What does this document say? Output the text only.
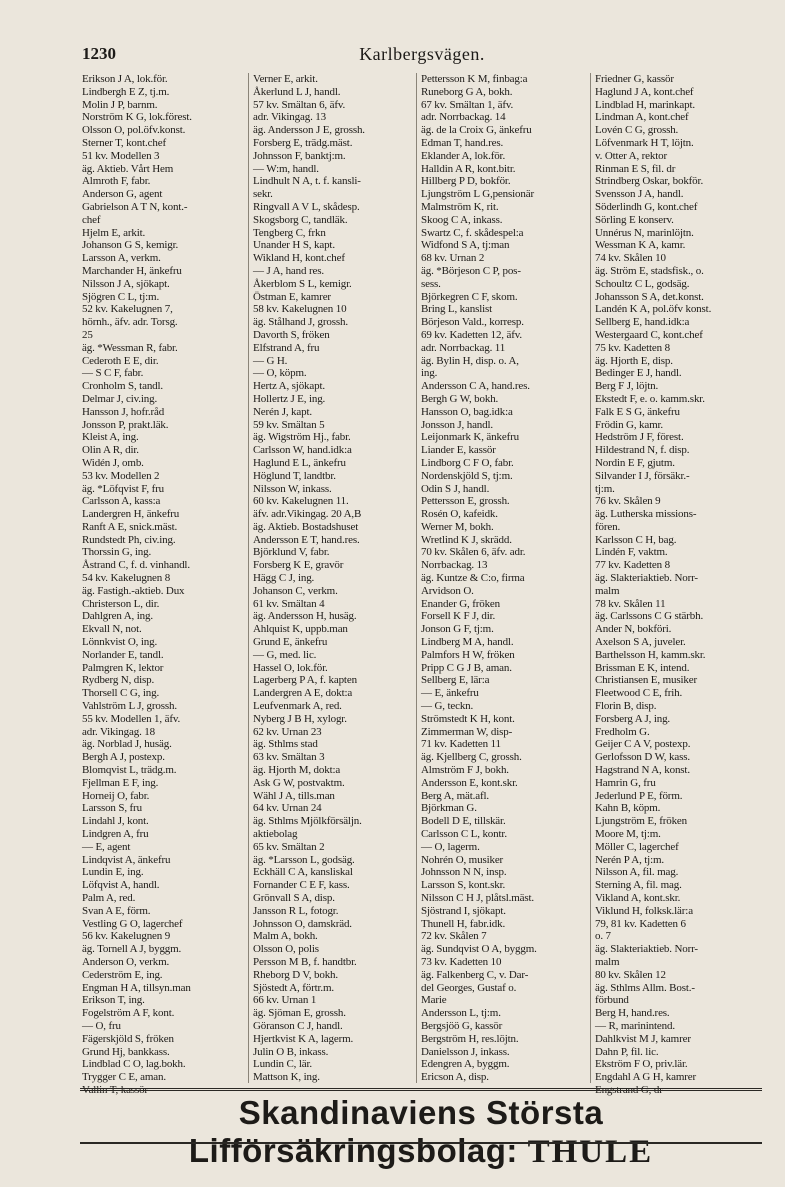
1230	Karlbergsvägen.
Erikson J A, lok.för.
Lindbergh E Z, tj.m.
Molin J P, barnm.
Norström K G, lok.förest.
Olsson O, pol.öfv.konst.
Sterner T, kont.chef
51 kv. Modellen 3
äg. Aktieb. Vårt Hem
Almroth F, fabr.
Anderson G, agent
Gabrielson A T N, kont.-
chef
Hjelm E, arkit.
Johanson G S, kemigr.
Larsson A, verkm.
Marchander H, änkefru
Nilsson J A, sjökapt.
Sjögren C L, tj:m.
52 kv. Kakelugnen 7,
hörnh., äfv. adr. Torsg.
25
äg. *Wessman R, fabr.
Cederoth E E, dir.
— S C F, fabr.
Cronholm S, tandl.
Delmar J, civ.ing.
Hansson J, hofr.råd
Jonsson P, prakt.läk.
Kleist A, ing.
Olin A R, dir.
Widén J, omb.
53 kv. Modellen 2
äg. *Löfqvist F, fru
Carlsson A, kass:a
Landergren H, änkefru
Ranft A E, snick.mäst.
Rundstedt Ph, civ.ing.
Thorssin G, ing.
Åstrand C, f. d. vinhandl.
54 kv. Kakelugnen 8
äg. Fastigh.-aktieb. Dux
Christerson L, dir.
Dahlgren A, ing.
Ekvall N, not.
Lönnkvist O, ing.
Norlander E, tandl.
Palmgren K, lektor
Rydberg N, disp.
Thorsell C G, ing.
Vahlström L J, grossh.
55 kv. Modellen 1, äfv.
adr. Vikingag. 18
äg. Norblad J, husäg.
Bergh A J, postexp.
Blomqvist L, trädg.m.
Fjellman E F, ing.
Horneij O, fabr.
Larsson S, fru
Lindahl J, kont.
Lindgren A, fru
— E, agent
Lindqvist A, änkefru
Lundin E, ing.
Löfqvist A, handl.
Palm A, red.
Svan A E, förm.
Vestling G O, lagerchef
56 kv. Kakelugnen 9
äg. Tornell A J, byggm.
Anderson O, verkm.
Cederström E, ing.
Engman H A, tillsyn.man
Erikson T, ing.
Fogelström A F, kont.
— O, fru
Fägerskjöld S, fröken
Grund Hj, bankkass.
Lindblad C O, lag.bokh.
Trygger C E, aman.
Vallin T, kassör
Verner E, arkit.
Åkerlund L J, handl.
57 kv. Smältan 6, äfv.
adr. Vikingag. 13
äg. Andersson J E, grossh.
Forsberg E, trädg.mäst.
Johnsson F, banktj:m.
— W:m, handl.
Lindhult N A, t. f. kansli-
sekr.
Ringvall A V L, skådesp.
Skogsborg C, tandläk.
Tengberg C, frkn
Unander H S, kapt.
Wikland H, kont.chef
— J A, hand res.
Åkerblom S L, kemigr.
Östman E, kamrer
58 kv. Kakelugnen 10
äg. Stålhand J, grossh.
Davorth S, fröken
Elfstrand A, fru
— G H.
— O, köpm.
Hertz A, sjökapt.
Hollertz J E, ing.
Nerén J, kapt.
59 kv. Smältan 5
äg. Wigström Hj., fabr.
Carlsson W, hand.idk:a
Haglund E L, änkefru
Höglund T, landtbr.
Nilsson W, inkass.
60 kv. Kakelugnen 11.
äfv. adr.Vikingag. 20 A,B
äg. Aktieb. Bostadshuset
Andersson E T, hand.res.
Björklund V, fabr.
Forsberg K E, gravör
Hägg C J, ing.
Johanson C, verkm.
61 kv. Smältan 4
äg. Andersson H, husäg.
Ahlquist K, uppb.man
Grund E, änkefru
— G, med. lic.
Hassel O, lok.för.
Lagerberg P A, f. kapten
Landergren A E, dokt:a
Leufvenmark A, red.
Nyberg J B H, xylogr.
62 kv. Urnan 23
äg. Sthlms stad
63 kv. Smältan 3
äg. Hjorth M, dokt:a
Ask G W, postvaktm.
Wähl J A, tills.man
64 kv. Urnan 24
äg. Sthlms Mjölkförsäljn.
aktiebolag
65 kv. Smältan 2
äg. *Larsson L, godsäg.
Eckhäll C A, kansliskal
Fornander C E F, kass.
Grönvall S A, disp.
Jansson R L, fotogr.
Johnsson O, damskräd.
Malm A, bokh.
Olsson O, polis
Persson M B, f. handtbr.
Rheborg D V, bokh.
Sjöstedt A, förtr.m.
66 kv. Urnan 1
äg. Sjöman E, grossh.
Göranson C J, handl.
Hjertkvist K A, lagerm.
Julin O B, inkass.
Lundin C, lär.
Mattson K, ing.
Pettersson K M, finbag:a
Runeborg G A, bokh.
67 kv. Smältan 1, äfv.
adr. Norrbackag. 14
äg. de la Croix G, änkefru
Edman T, hand.res.
Eklander A, lok.för.
Halldin A R, kont.bitr.
Hillberg P D, bokför.
Ljungström L G,pensionär
Malmström K, rit.
Skoog C A, inkass.
Swartz C, f. skådespel:a
Widfond S A, tj:man
68 kv. Urnan 2
äg. *Börjeson C P, pos-
sess.
Björkegren C F, skom.
Bring L, kanslist
Börjeson Vald., korresp.
69 kv. Kadetten 12, äfv.
adr. Norrbackag. 11
äg. Bylin H, disp. o. A,
ing.
Andersson C A, hand.res.
Bergh G W, bokh.
Hansson O, bag.idk:a
Jonsson J, handl.
Leijonmark K, änkefru
Liander E, kassör
Lindborg C F O, fabr.
Nordenskjöld S, tj:m.
Odin S J, handl.
Pettersson E, grossh.
Rosén O, kafeidk.
Werner M, bokh.
Wretlind K J, skrädd.
70 kv. Skålen 6, äfv. adr.
Norrbackag. 13
äg. Kuntze & C:o, firma
Arvidson O.
Enander G, fröken
Forsell K F J, dir.
Jonson G F, tj:m.
Lindberg M A, handl.
Palmfors H W, fröken
Pripp C G J B, aman.
Sellberg E, lär:a
— E, änkefru
— G, teckn.
Strömstedt K H, kont.
Zimmerman W, disp-
71 kv. Kadetten 11
äg. Kjellberg C, grossh.
Almström F J, bokh.
Andersson E, kont.skr.
Berg A, mät.afl.
Björkman G.
Bodell D E, tillskär.
Carlsson C L, kontr.
— O, lagerm.
Nohrén O, musiker
Johnsson N N, insp.
Larsson S, kont.skr.
Nilsson C H J, plåtsl.mäst.
Sjöstrand I, sjökapt.
Thunell H, fabr.idk.
72 kv. Skålen 7
äg. Sundqvist O A, byggm.
73 kv. Kadetten 10
äg. Falkenberg C, v. Dar-
del Georges, Gustaf o.
Marie
Andersson L, tj:m.
Bergsjöö G, kassör
Bergström H, res.löjtn.
Danielsson J, inkass.
Edengren A, byggm.
Ericson A, disp.
Friedner G, kassör
Haglund J A, kont.chef
Lindblad H, marinkapt.
Lindman A, kont.chef
Lovén C G, grossh.
Löfvenmark H T, löjtn.
v. Otter A, rektor
Rinman E S, fil. dr
Strindberg Oskar, bokför.
Svensson J A, handl.
Söderlindh G, kont.chef
Sörling E konserv.
Unnérus N, marinlöjtn.
Wessman K A, kamr.
74 kv. Skålen 10
äg. Ström E, stadsfisk., o.
Schoultz C L, godsäg.
Johansson S A, det.konst.
Landén K A, pol.öfv konst.
Sellberg E, hand.idk:a
Westergaard C, kont.chef
75 kv. Kadetten 8
äg. Hjorth E, disp.
Bedinger E J, handl.
Berg F J, löjtn.
Ekstedt F, e. o. kamm.skr.
Falk E S G, änkefru
Frödin G, kamr.
Hedström J F, förest.
Hildestrand N, f. disp.
Nordin E F, gjutm.
Silvander I J, försäkr.-
tj:m.
76 kv. Skålen 9
äg. Lutherska missions-
fören.
Karlsson C H, bag.
Lindén F, vaktm.
77 kv. Kadetten 8
äg. Slakteriaktieb. Norr-
malm
78 kv. Skålen 11
äg. Carlssons C G stärbh.
Ander N, bokföri.
Axelson S A, juveler.
Barthelsson H, kamm.skr.
Brissman E K, intend.
Christiansen E, musiker
Fleetwood C E, frih.
Florin B, disp.
Forsberg A J, ing.
Fredholm G.
Geijer C A V, postexp.
Gerlofsson D W, kass.
Hagstrand N A, konst.
Hamrin G, fru
Jederlund P E, förm.
Kahn B, köpm.
Ljungström E, fröken
Moore M, tj:m.
Möller C, lagerchef
Nerén P A, tj:m.
Nilsson A, fil. mag.
Sterning A, fil. mag.
Vikland A, kont.skr.
Viklund H, folksk.lär:a
79, 81 kv. Kadetten 6
o. 7
äg. Slakteriaktieb. Norr-
malm
80 kv. Skålen 12
äg. Sthlms Allm. Bost.-
förbund
Berg H, hand.res.
— R, marinintend.
Dahlkvist M J, kamrer
Dahn P, fil. lic.
Ekström F O, priv.lär.
Engdahl A G H, kamrer
Engstrand G, dr
Skandinaviens Största Lifförsäkringsbolag: THULE
